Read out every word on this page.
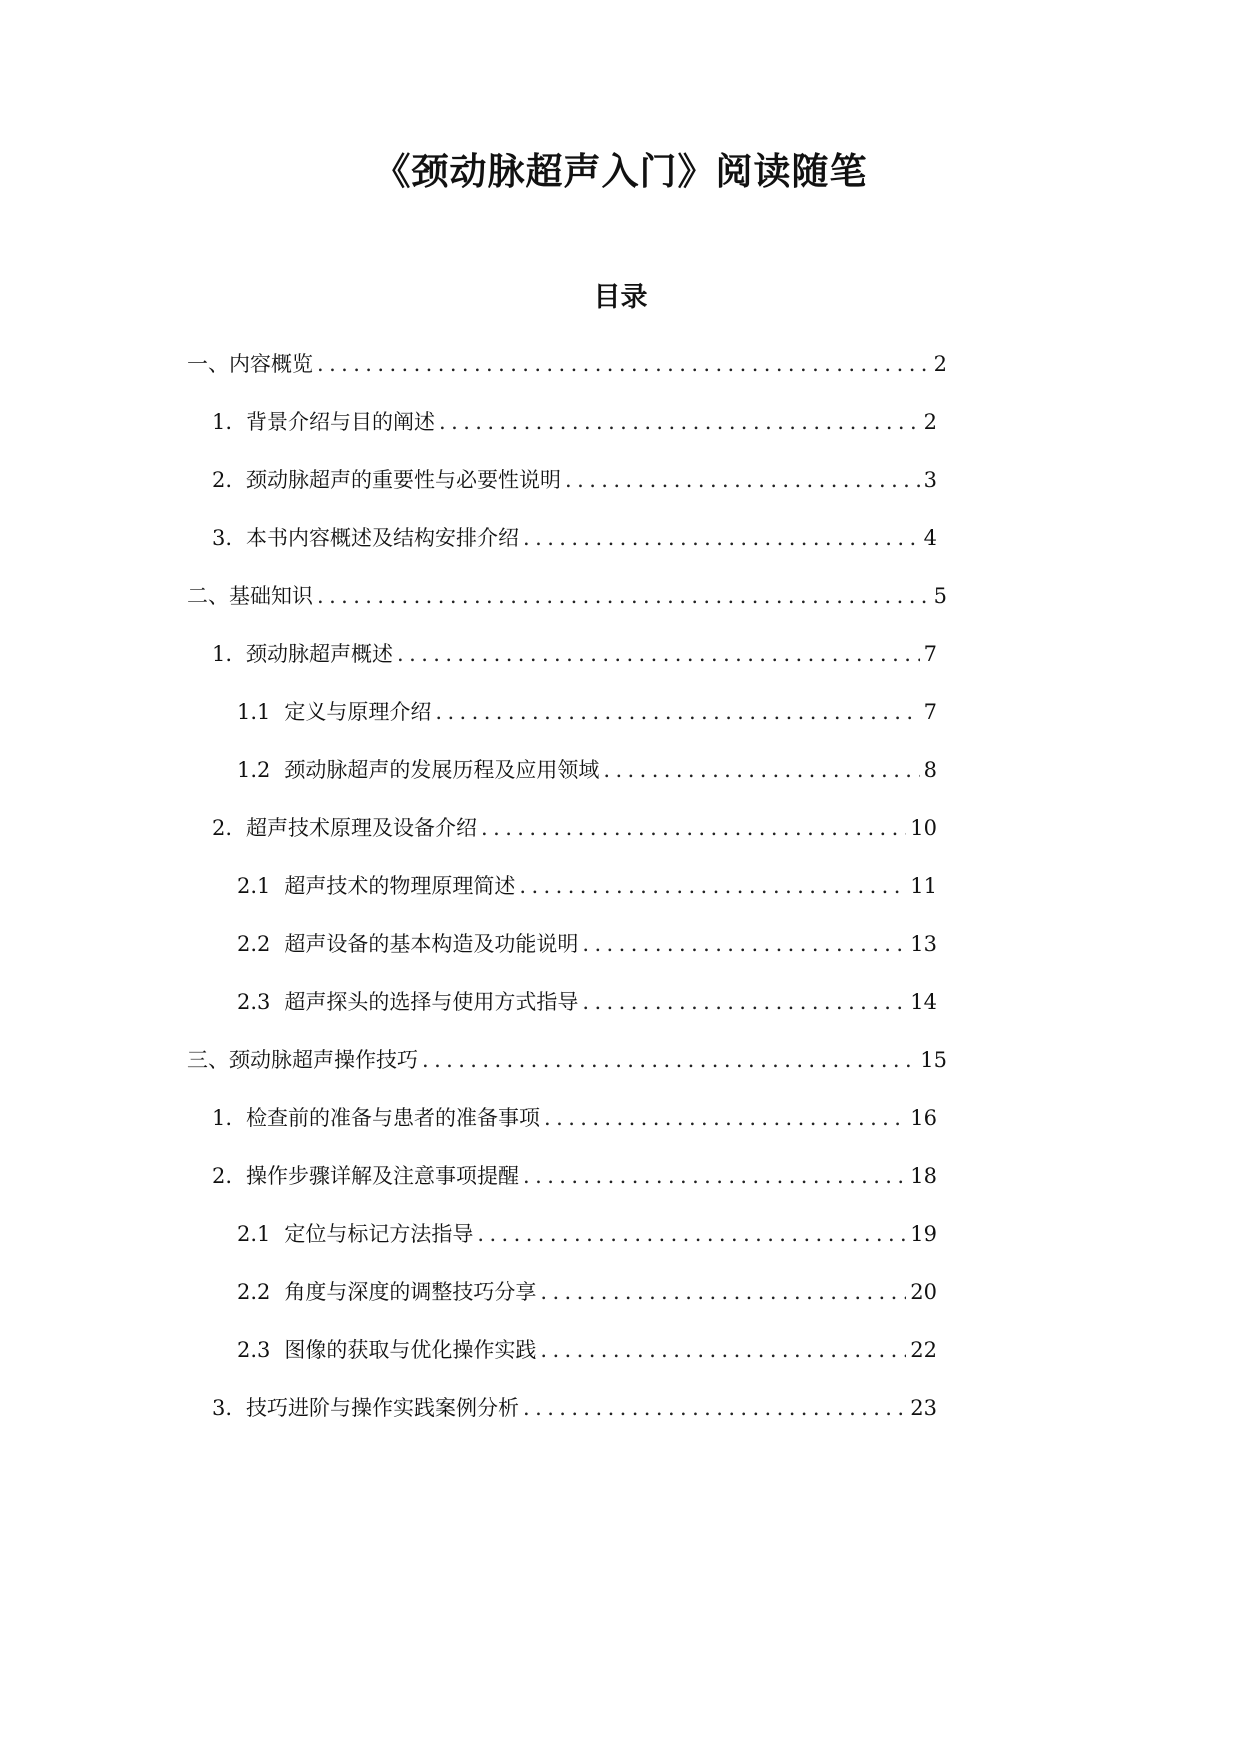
《颈动脉超声入门》阅读随笔
目录
一、内容概览 .....	2
1. 背景介绍与目的阐述 .....	2
2. 颈动脉超声的重要性与必要性说明 .....	3
3. 本书内容概述及结构安排介绍 .....	4
二、基础知识 .....	5
1. 颈动脉超声概述 .....	7
1.1 定义与原理介绍 .....	7
1.2 颈动脉超声的发展历程及应用领域 .....	8
2. 超声技术原理及设备介绍 .....	10
2.1 超声技术的物理原理简述 .....	11
2.2 超声设备的基本构造及功能说明 .....	13
2.3 超声探头的选择与使用方式指导 .....	14
三、颈动脉超声操作技巧 .....	15
1. 检查前的准备与患者的准备事项 .....	16
2. 操作步骤详解及注意事项提醒 .....	18
2.1 定位与标记方法指导 .....	19
2.2 角度与深度的调整技巧分享 .....	20
2.3 图像的获取与优化操作实践 .....	22
3. 技巧进阶与操作实践案例分析 .....	23
